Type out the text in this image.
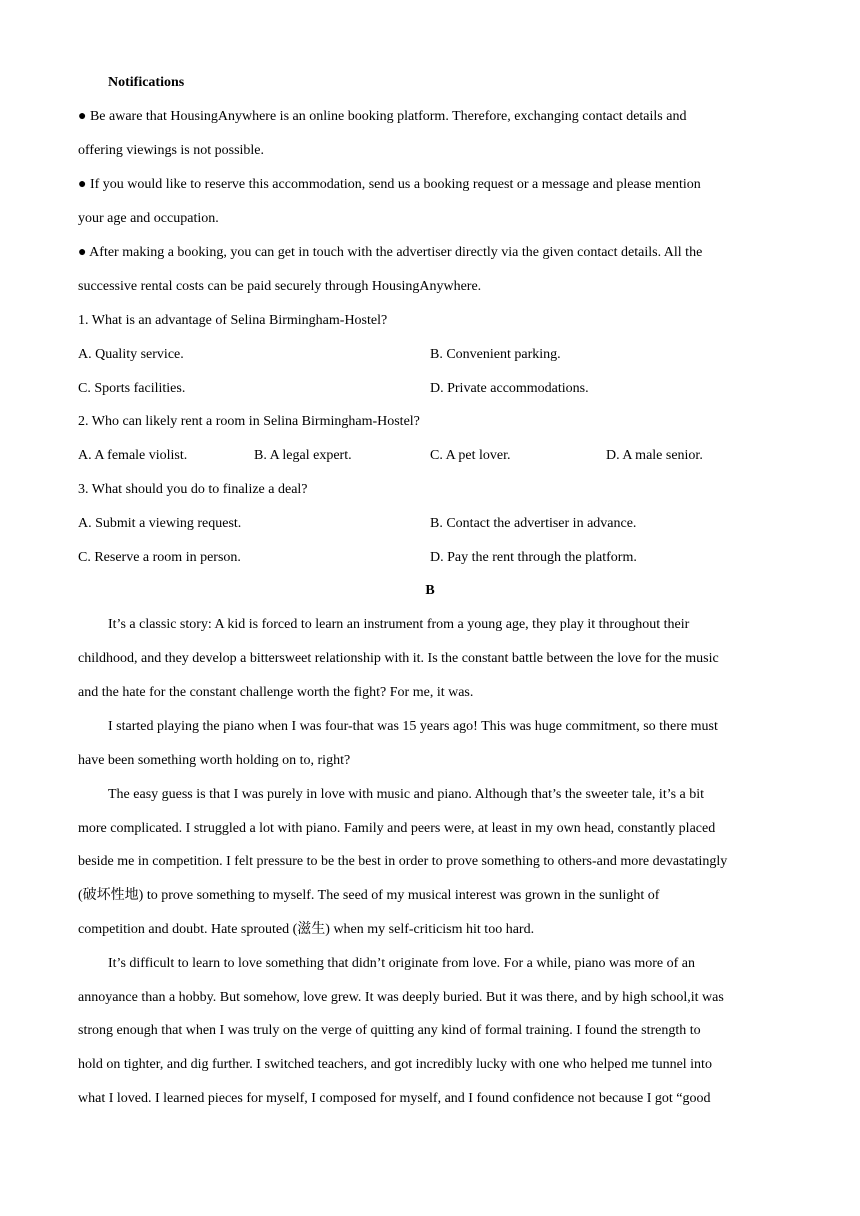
Notifications
● Be aware that HousingAnywhere is an online booking platform. Therefore, exchanging contact details and
offering viewings is not possible.
● If you would like to reserve this accommodation, send us a booking request or a message and please mention
your age and occupation.
● After making a booking, you can get in touch with the advertiser directly via the given contact details. All the
successive rental costs can be paid securely through HousingAnywhere.
1. What is an advantage of Selina Birmingham-Hostel?
A. Quality service.	B. Convenient parking.
C. Sports facilities.	D. Private accommodations.
2. Who can likely rent a room in Selina Birmingham-Hostel?
A. A female violist.	B. A legal expert.	C. A pet lover.	D. A male senior.
3. What should you do to finalize a deal?
A. Submit a viewing request.	B. Contact the advertiser in advance.
C. Reserve a room in person.	D. Pay the rent through the platform.
B
It’s a classic story: A kid is forced to learn an instrument from a young age, they play it throughout their
childhood, and they develop a bittersweet relationship with it. Is the constant battle between the love for the music
and the hate for the constant challenge worth the fight? For me, it was.
I started playing the piano when I was four-that was 15 years ago! This was huge commitment, so there must
have been something worth holding on to, right?
The easy guess is that I was purely in love with music and piano. Although that’s the sweeter tale, it’s a bit
more complicated. I struggled a lot with piano. Family and peers were, at least in my own head, constantly placed
beside me in competition. I felt pressure to be the best in order to prove something to others-and more devastatingly
(破坏性地) to prove something to myself. The seed of my musical interest was grown in the sunlight of
competition and doubt. Hate sprouted (滋生) when my self-criticism hit too hard.
It’s difficult to learn to love something that didn’t originate from love. For a while, piano was more of an
annoyance than a hobby. But somehow, love grew. It was deeply buried. But it was there, and by high school,it was
strong enough that when I was truly on the verge of quitting any kind of formal training. I found the strength to
hold on tighter, and dig further. I switched teachers, and got incredibly lucky with one who helped me tunnel into
what I loved. I learned pieces for myself, I composed for myself, and I found confidence not because I got “good
